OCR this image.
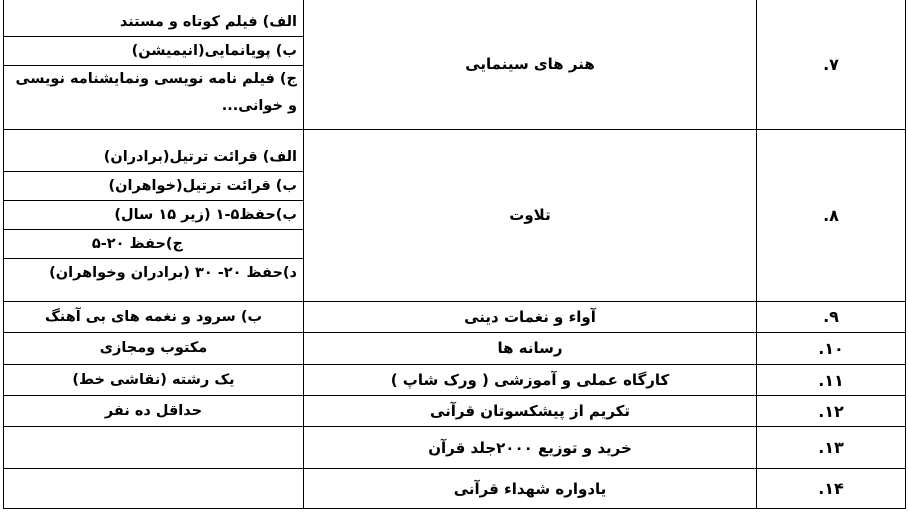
الف) فیلم کوتاه و مستند
ب) پویانمایی(انیمیشن)
ج) فیلم نامه نویسی ونمایشنامه نویسی و خوانی...	هنر های سینمایی	۷.

الف) قرائت ترتیل(برادران)
ب) قرائت ترتیل(خواهران)
ب)حفظ۵-۱ (زیر ۱۵ سال)
ج)حفظ ۲۰-۵
د)حفظ ۲۰- ۳۰ (برادران وخواهران)	تلاوت	۸.

ب) سرود و نغمه های بی آهنگ	آواء و نغمات دینی	۹.

مکتوب ومجازی	رسانه ها	۱۰.

یک رشته (نقاشی خط)	کارگاه عملی و آموزشی ( ورک شاپ )	۱۱.

حداقل ده نفر	تکریم از پیشکسوتان قرآنی	۱۲.

	خرید و توزیع ۲۰۰۰جلد قرآن	۱۳.

	یادواره شهداء قرآنی	۱۴.
